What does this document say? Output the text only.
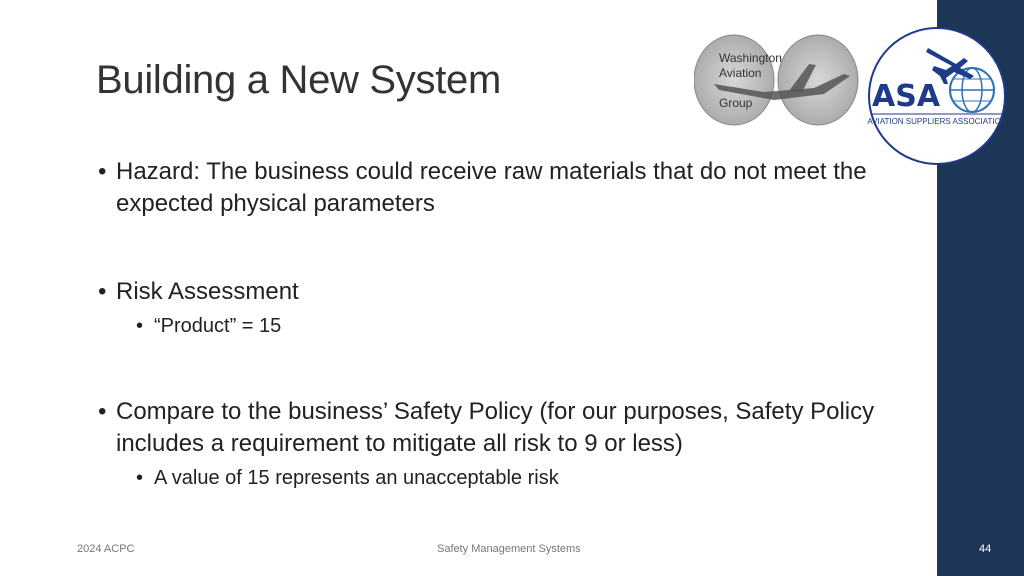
Washington
Aviation
Group	ASA
AVIATION SUPPLIERS ASSOCIATION
Building a New System
• Hazard: The business could receive raw materials that do not meet the expected physical parameters
• Risk Assessment
• “Product” = 15
• Compare to the business’ Safety Policy (for our purposes, Safety Policy includes a requirement to mitigate all risk to 9 or less)
• A value of 15 represents an unacceptable risk
2024 ACPC	Safety Management Systems	44
